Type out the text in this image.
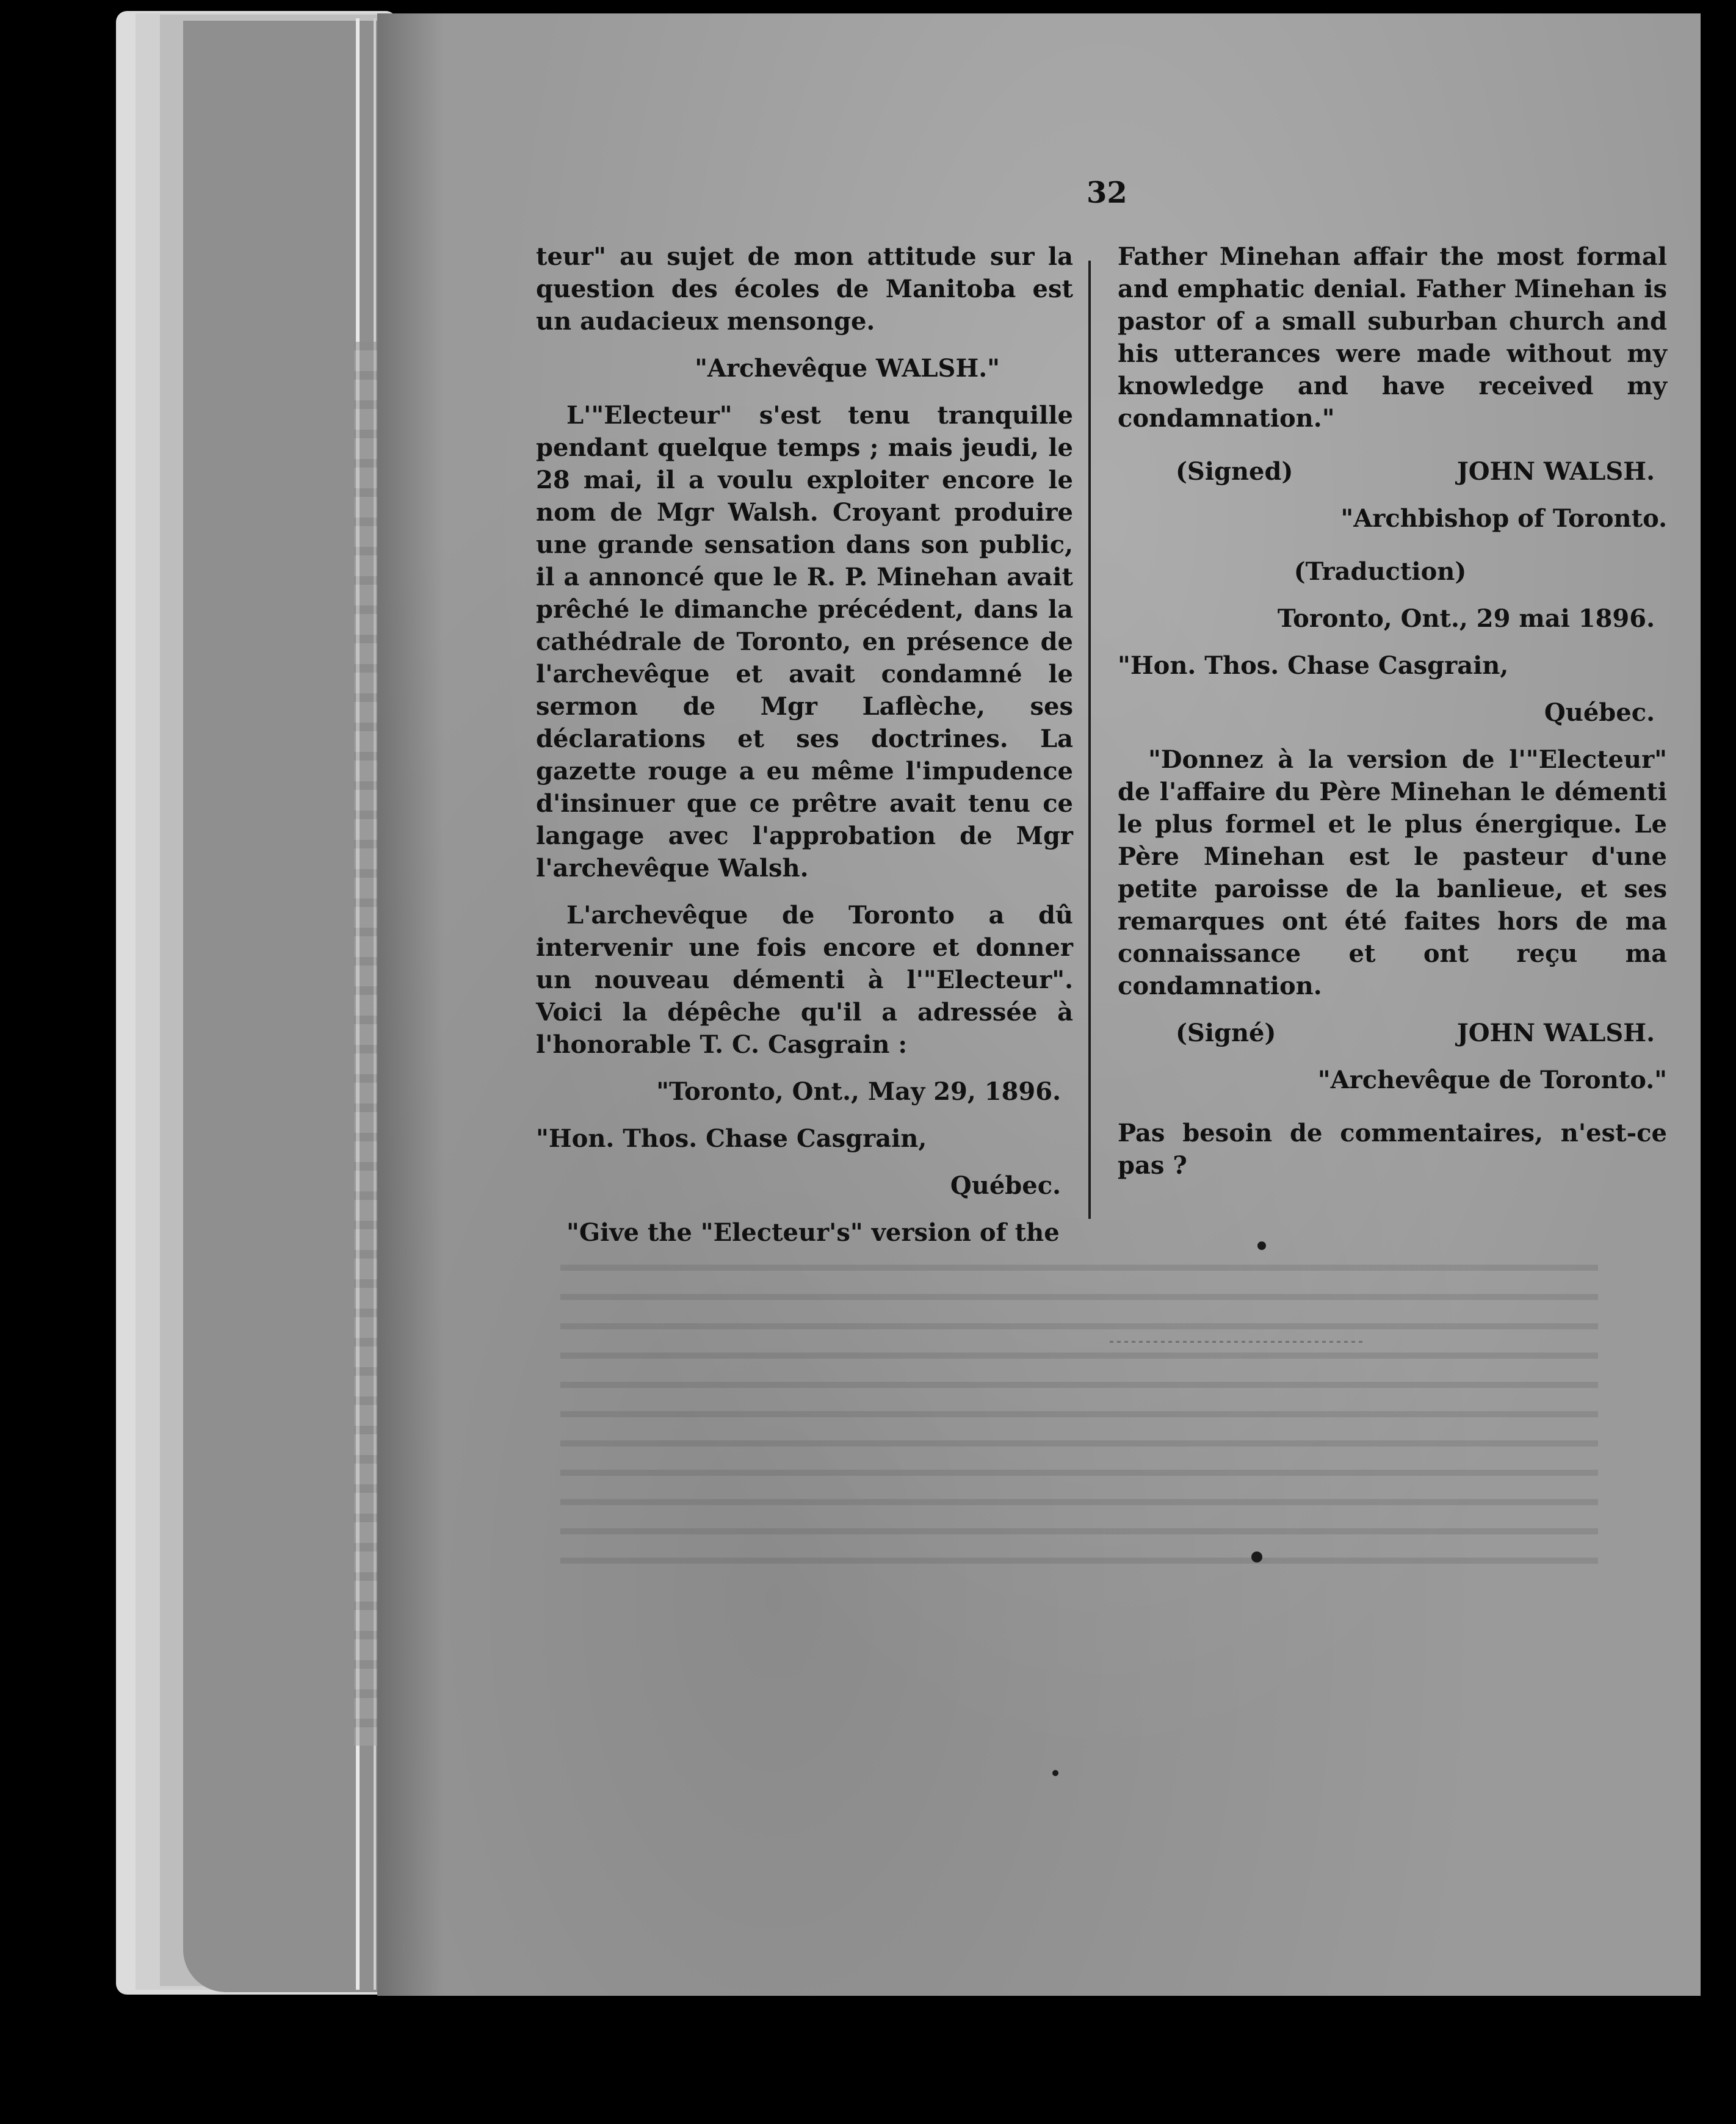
32

teur" au sujet de mon attitude sur la question des écoles de Manitoba est un audacieux mensonge.

"Archevêque WALSH."

L'"Electeur" s'est tenu tranquille pendant quelque temps ; mais jeudi, le 28 mai, il a voulu exploiter encore le nom de Mgr Walsh. Croyant produire une grande sensation dans son public, il a annoncé que le R. P. Minehan avait prêché le dimanche précédent, dans la cathédrale de Toronto, en présence de l'archevêque et avait condamné le sermon de Mgr Laflèche, ses déclarations et ses doctrines. La gazette rouge a eu même l'impudence d'insinuer que ce prêtre avait tenu ce langage avec l'approbation de Mgr l'archevêque Walsh.

L'archevêque de Toronto a dû intervenir une fois encore et donner un nouveau démenti à l'"Electeur". Voici la dépêche qu'il a adressée à l'honorable T. C. Casgrain :

"Toronto, Ont., May 29, 1896.

"Hon. Thos. Chase Casgrain,

Québec.

"Give the "Electeur's" version of the

Father Minehan affair the most formal and emphatic denial. Father Minehan is pastor of a small suburban church and his utterances were made without my knowledge and have received my condamnation."

(Signed)	JOHN WALSH.

"Archbishop of Toronto.

(Traduction)

Toronto, Ont., 29 mai 1896.

"Hon. Thos. Chase Casgrain,

Québec.

"Donnez à la version de l'"Electeur" de l'affaire du Père Minehan le démenti le plus formel et le plus énergique. Le Père Minehan est le pasteur d'une petite paroisse de la banlieue, et ses remarques ont été faites hors de ma connaissance et ont reçu ma condamnation.

(Signé)	JOHN WALSH.

"Archevêque de Toronto."

Pas besoin de commentaires, n'est-ce pas ?
